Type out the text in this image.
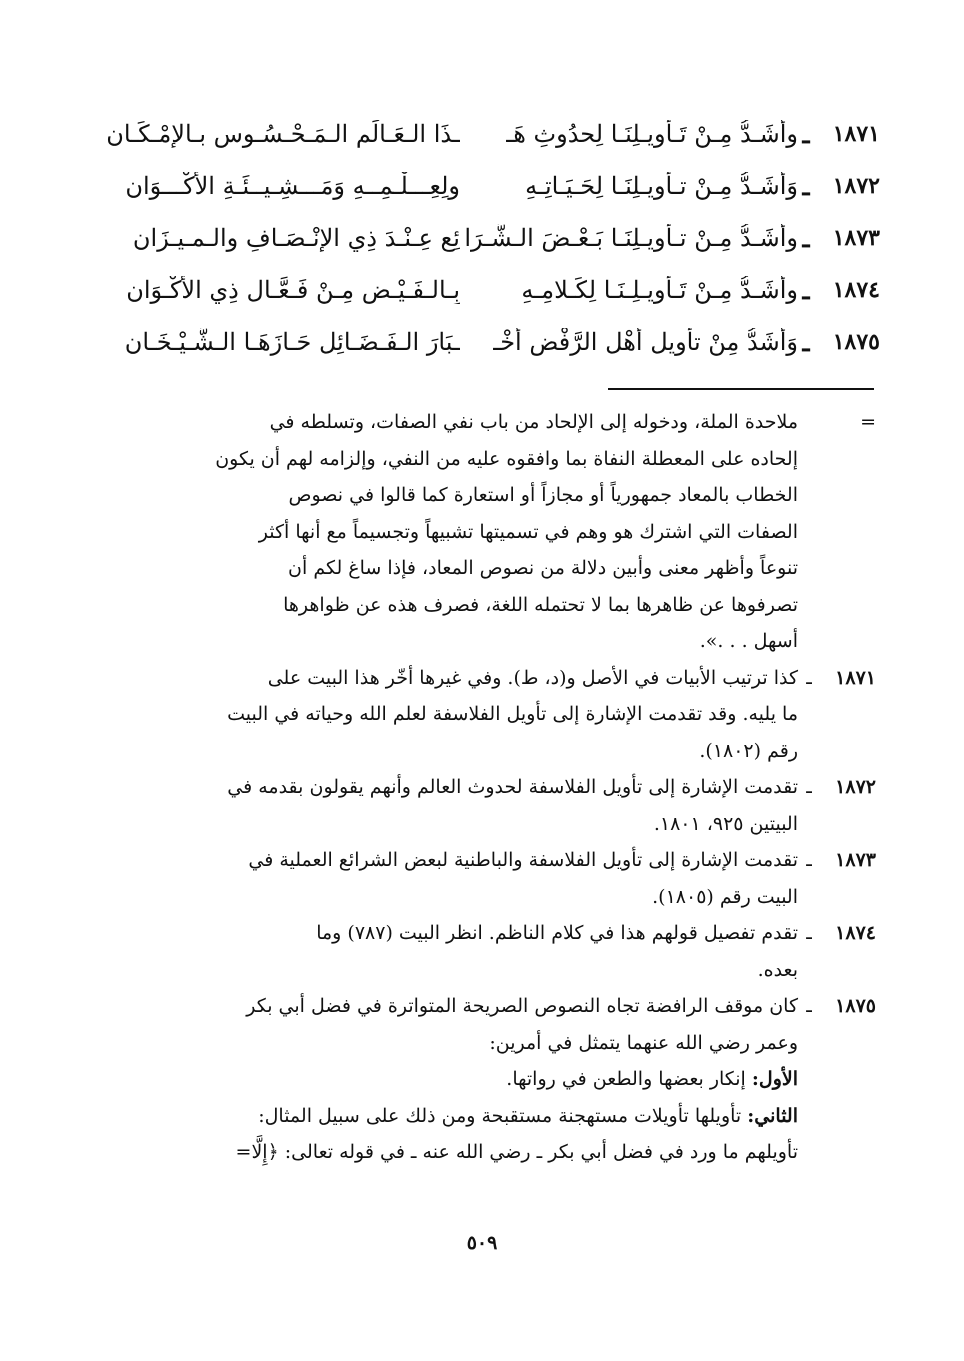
١٨٧١
ـ
وأشَـدُّ مِـنْ تَـأويـلِنَـا لِحدُوثِ هَـ
ـذَا الـعَـالَمِ الـمَـحْـسُـوسِ بـالإمْـكَـانِ
١٨٧٢
ـ
وَأشَـدُّ مِـنْ تـأويـلِنَـا لِحَـيَـاتِـهِ
ولِعِـــلْـمِــهِ وَمَـــشِـيــئَـةِ الأكْـــوَانِ
١٨٧٣
ـ
وأَشَـدُّ مِـنْ تـأويـلِنَـا بَـعْـضَ الـشَّـرَا
ئِعِ عِـنْـدَ ذِي الإنْـصَـافِ والـمـيـزَانِ
١٨٧٤
ـ
وأشَـدُّ مِـنْ تَـأْوِيـلِـنَـا لِكَـلامِـهِ
بِـالـفَـيْـضِ مِـنْ فَـعَّـالِ ذِي الأكْـوَانِ
١٨٧٥
ـ
وَأَشَدُّ مِنْ تأويلِ أهْلِ الرَّفْضِ أخْـ
ـبَارَ الـفَـضَـائِلِ حَـازَهَـا الـشَّـيْـخَـانِ
=

ملاحدة الملة، ودخوله إلى الإلحاد من باب نفي الصفات، وتسلطه في

إلحاده على المعطلة النفاة بما وافقوه عليه من النفي، وإلزامه لهم أن يكون

الخطاب بالمعاد جمهورياً أو مجازاً أو استعارة كما قالوا في نصوص

الصفات التي اشترك هو وهم في تسميتها تشبيهاً وتجسيماً مع أنها أكثر

تنوعاً وأظهر معنى وأبين دلالة من نصوص المعاد، فإذا ساغ لكم أن

تصرفوها عن ظاهرها بما لا تحتمله اللغة، فصرف هذه عن ظواهرها

أسهل . . .».

١٨٧١
ـ

كذا ترتيب الأبيات في الأصل و(د، ط). وفي غيرها أخّر هذا البيت على

ما يليه. وقد تقدمت الإشارة إلى تأويل الفلاسفة لعلم الله وحياته في البيت

رقم (١٨٠٢).

١٨٧٢
ـ

تقدمت الإشارة إلى تأويل الفلاسفة لحدوث العالم وأنهم يقولون بقدمه في

البيتين ٩٢٥، ١٨٠١.

١٨٧٣
ـ

تقدمت الإشارة إلى تأويل الفلاسفة والباطنية لبعض الشرائع العملية في

البيت رقم (١٨٠٥).

١٨٧٤
ـ

تقدم تفصيل قولهم هذا في كلام الناظم. انظر البيت (٧٨٧) وما

بعده.

١٨٧٥
ـ

كان موقف الرافضة تجاه النصوص الصريحة المتواترة في فضل أبي بكر

وعمر رضي الله عنهما يتمثل في أمرين:

الأول: إنكار بعضها والطعن في رواتها.

الثاني: تأويلها تأويلات مستهجنة مستقبحة ومن ذلك على سبيل المثال:

تأويلهم ما ورد في فضل أبي بكر ـ رضي الله عنه ـ في قوله تعالى: ﴿إِلَّا=

٥٠٩
